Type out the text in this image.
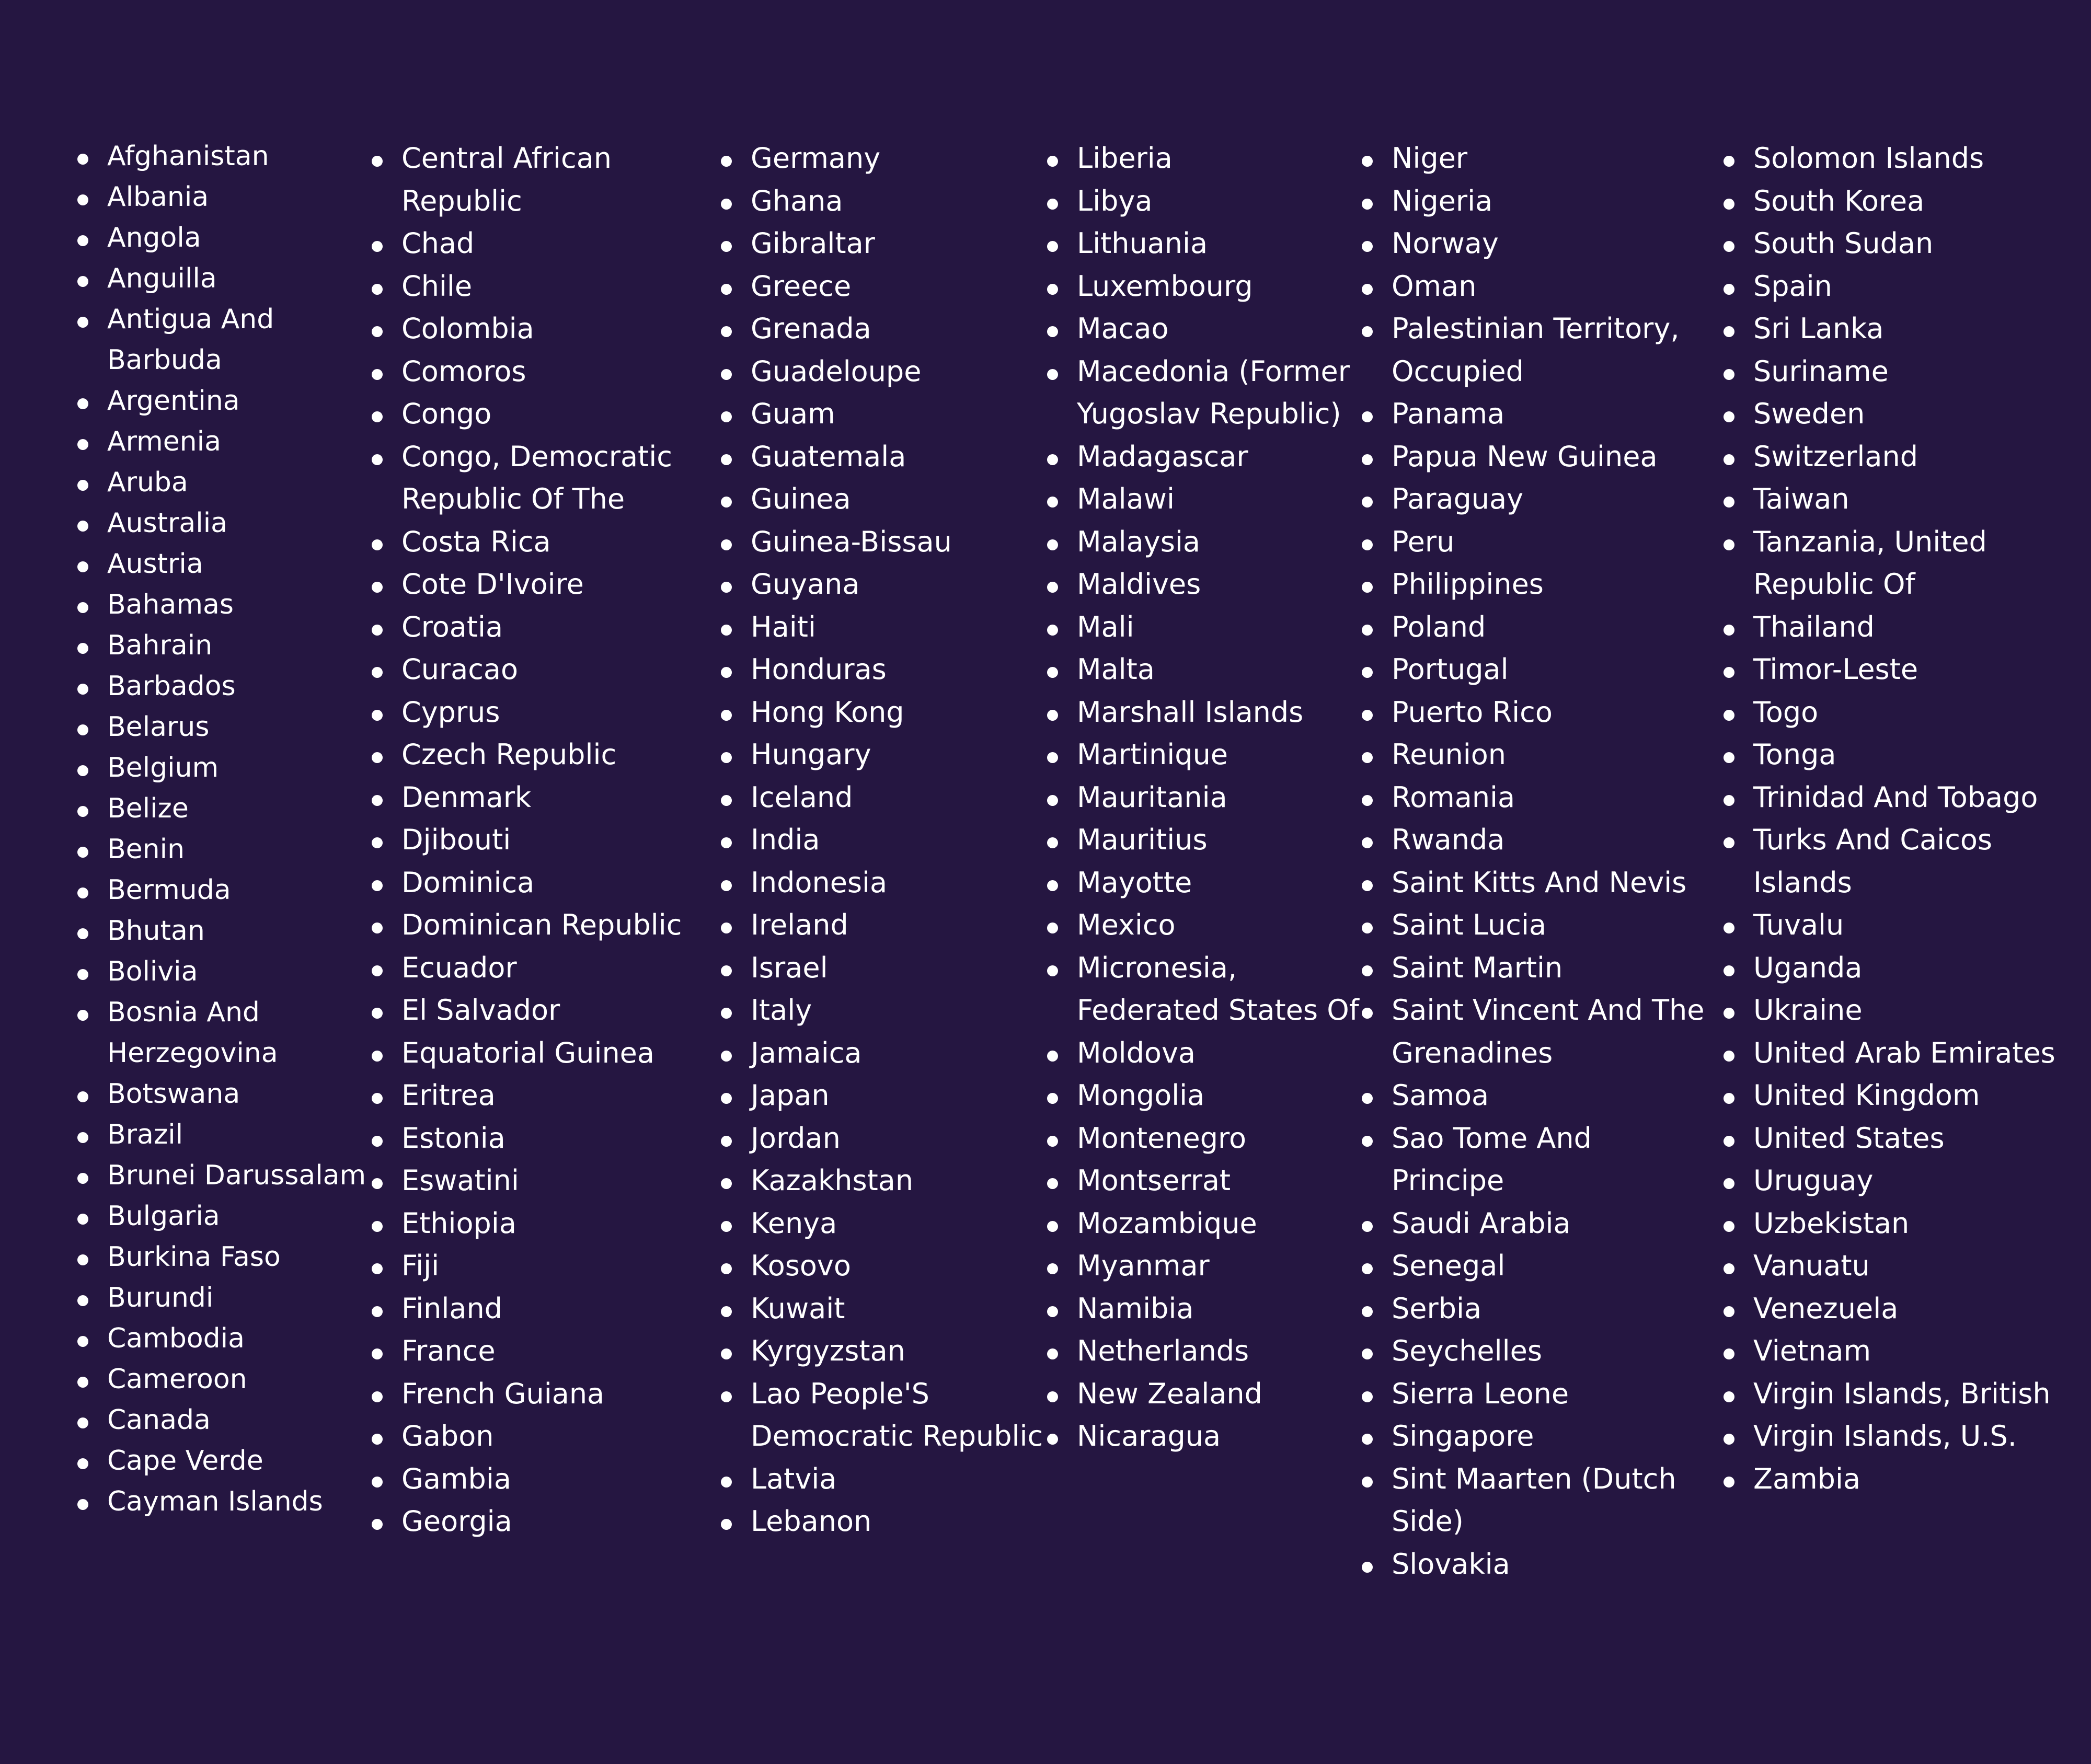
Afghanistan
Albania
Angola
Anguilla
Antigua And Barbuda
Argentina
Armenia
Aruba
Australia
Austria
Bahamas
Bahrain
Barbados
Belarus
Belgium
Belize
Benin
Bermuda
Bhutan
Bolivia
Bosnia And Herzegovina
Botswana
Brazil
Brunei Darussalam
Bulgaria
Burkina Faso
Burundi
Cambodia
Cameroon
Canada
Cape Verde
Cayman Islands
Central African Republic
Chad
Chile
Colombia
Comoros
Congo
Congo, Democratic Republic Of The
Costa Rica
Cote D'Ivoire
Croatia
Curacao
Cyprus
Czech Republic
Denmark
Djibouti
Dominica
Dominican Republic
Ecuador
El Salvador
Equatorial Guinea
Eritrea
Estonia
Eswatini
Ethiopia
Fiji
Finland
France
French Guiana
Gabon
Gambia
Georgia
Germany
Ghana
Gibraltar
Greece
Grenada
Guadeloupe
Guam
Guatemala
Guinea
Guinea-Bissau
Guyana
Haiti
Honduras
Hong Kong
Hungary
Iceland
India
Indonesia
Ireland
Israel
Italy
Jamaica
Japan
Jordan
Kazakhstan
Kenya
Kosovo
Kuwait
Kyrgyzstan
Lao People'S Democratic Republic
Latvia
Lebanon
Liberia
Libya
Lithuania
Luxembourg
Macao
Macedonia (Former Yugoslav Republic)
Madagascar
Malawi
Malaysia
Maldives
Mali
Malta
Marshall Islands
Martinique
Mauritania
Mauritius
Mayotte
Mexico
Micronesia, Federated States Of
Moldova
Mongolia
Montenegro
Montserrat
Mozambique
Myanmar
Namibia
Netherlands
New Zealand
Nicaragua
Niger
Nigeria
Norway
Oman
Palestinian Territory, Occupied
Panama
Papua New Guinea
Paraguay
Peru
Philippines
Poland
Portugal
Puerto Rico
Reunion
Romania
Rwanda
Saint Kitts And Nevis
Saint Lucia
Saint Martin
Saint Vincent And The Grenadines
Samoa
Sao Tome And Principe
Saudi Arabia
Senegal
Serbia
Seychelles
Sierra Leone
Singapore
Sint Maarten (Dutch Side)
Slovakia
Solomon Islands
South Korea
South Sudan
Spain
Sri Lanka
Suriname
Sweden
Switzerland
Taiwan
Tanzania, United Republic Of
Thailand
Timor-Leste
Togo
Tonga
Trinidad And Tobago
Turks And Caicos Islands
Tuvalu
Uganda
Ukraine
United Arab Emirates
United Kingdom
United States
Uruguay
Uzbekistan
Vanuatu
Venezuela
Vietnam
Virgin Islands, British
Virgin Islands, U.S.
Zambia
